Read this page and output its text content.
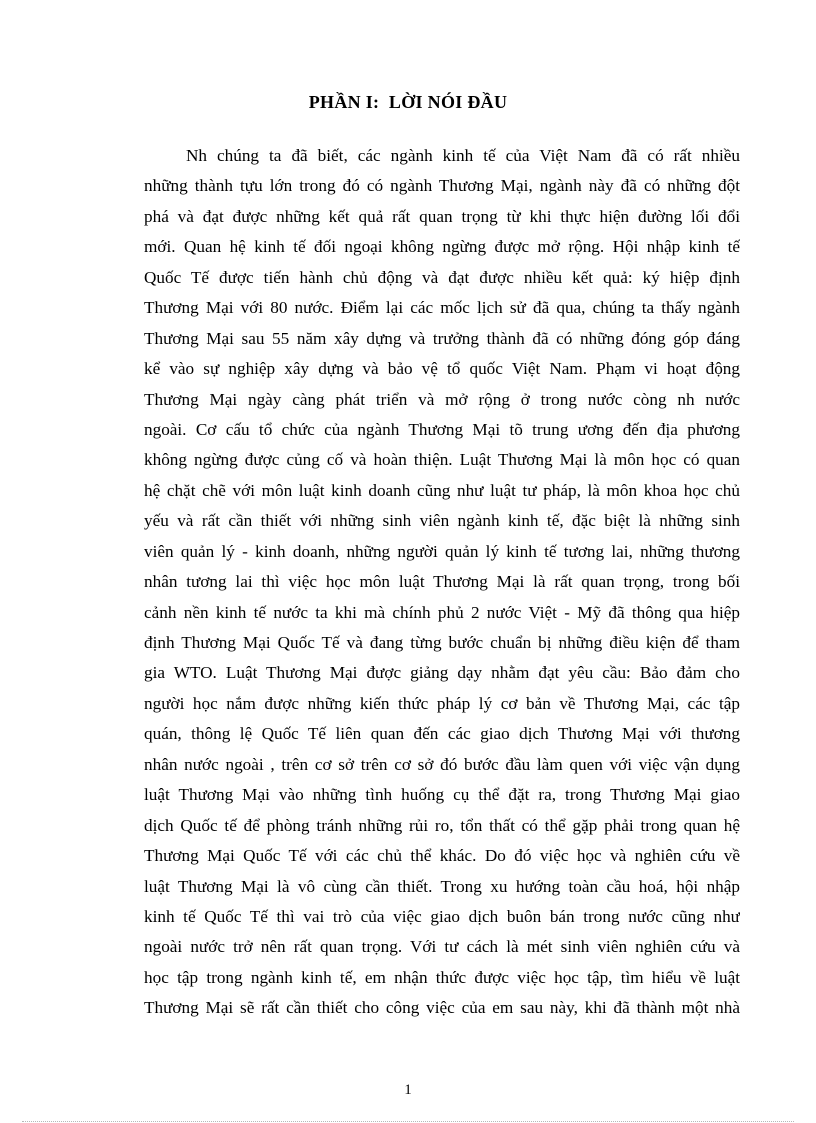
PHẦN I:  LỜI NÓI ĐẦU
Nh chúng ta đã biết, các ngành kinh tế của Việt Nam đã có rất nhiều
những thành tựu lớn trong đó có ngành Thương Mại, ngành này đã có những đột
phá và đạt được những kết quả rất quan trọng từ khi thực hiện đường lối đổi
mới. Quan hệ kinh tế đối ngoại không ngừng được mở rộng. Hội nhập kinh tế
Quốc Tế được tiến hành chủ động và đạt được nhiều kết quả: ký hiệp định
Thương Mại với 80 nước. Điểm lại các mốc lịch sử đã qua, chúng ta thấy ngành
Thương Mại sau 55 năm xây dựng và trưởng thành đã có những đóng góp đáng
kể vào sự nghiệp xây dựng và bảo vệ tổ quốc Việt Nam. Phạm vi hoạt động
Thương Mại ngày càng phát triển và mở rộng ở trong nước còng nh nước
ngoài. Cơ cấu tổ chức của ngành Thương Mại tõ trung ương đến địa phương
không ngừng được củng cố và hoàn thiện. Luật Thương Mại là môn học có quan
hệ chặt chẽ với môn luật kinh doanh cũng như luật tư pháp, là môn khoa học chủ
yếu và rất cần thiết với những sinh viên ngành kinh tế, đặc biệt là những sinh
viên quản lý - kinh doanh, những người quản lý kinh tế tương lai, những thương
nhân tương lai thì việc học môn luật Thương Mại là rất quan trọng, trong bối
cảnh nền kinh tế nước ta khi mà chính phủ 2 nước Việt - Mỹ đã thông qua hiệp
định Thương Mại Quốc Tế và đang từng bước chuẩn bị những điều kiện để tham
gia WTO. Luật Thương Mại được giảng dạy nhằm đạt yêu cầu: Bảo đảm cho
người học nắm được những kiến thức pháp lý cơ bản về Thương Mại, các tập
quán, thông lệ Quốc Tế liên quan đến các giao dịch Thương Mại với thương
nhân nước ngoài , trên cơ sở trên cơ sở đó bước đầu làm quen với việc vận dụng
luật Thương Mại vào những tình huống cụ thể đặt ra, trong Thương Mại giao
dịch Quốc tế để phòng tránh những rủi ro, tổn thất có thể gặp phải trong quan hệ
Thương Mại Quốc Tế với các chủ thể khác. Do đó việc học và nghiên cứu về
luật Thương Mại là vô cùng cần thiết. Trong xu hướng toàn cầu hoá, hội nhập
kinh tế Quốc Tế thì vai trò của việc giao dịch buôn bán trong nước cũng như
ngoài nước trở nên rất quan trọng. Với tư cách là mét sinh viên nghiên cứu và
học tập trong ngành kinh tế, em nhận thức được việc học tập, tìm hiểu về luật
Thương Mại sẽ rất cần thiết cho công việc của em sau này, khi đã thành một nhà
1
